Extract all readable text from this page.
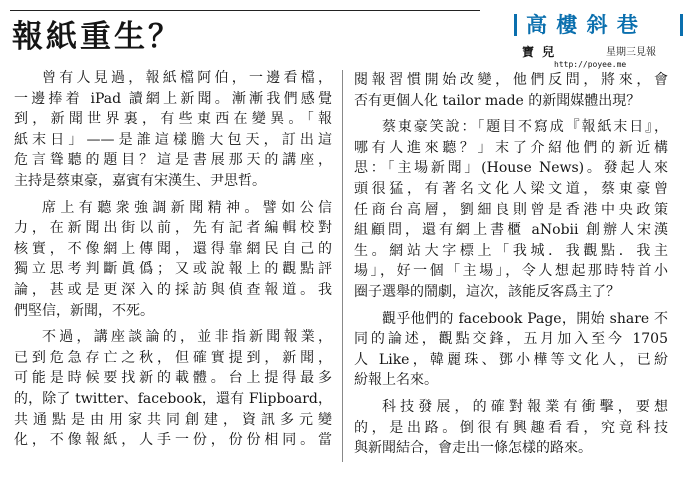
報紙重生？	高 樓 斜 巷
寶 兒	星期三見報
http://poyee.me
曾有人見過，報紙檔阿伯，一邊看檔，
一邊捧着 iPad 讀網上新聞。漸漸我們感覺
到，新聞世界裏，有些東西在變異。「報
紙末日」——是誰這樣膽大包天，訂出這
危言聳聽的題目？這是書展那天的講座，
主持是蔡東豪，嘉賓有宋漢生、尹思哲。
席上有聽衆強調新聞精神。譬如公信
力，在新聞出街以前，先有記者編輯校對
核實，不像網上傳聞，還得靠網民自己的
獨立思考判斷眞僞；又或說報上的觀點評
論，甚或是更深入的採訪與偵查報道。我
們堅信，新聞，不死。
不過，講座談論的，並非指新聞報業，
已到危急存亡之秋，但確實提到，新聞，
可能是時候要找新的載體。台上提得最多
的，除了 twitter、facebook，還有 Flipboard，
共通點是由用家共同創建，資訊多元變
化，不像報紙，人手一份，份份相同。當
閱報習慣開始改變，他們反問，將來，會
否有更個人化 tailor made 的新聞媒體出現？
蔡東豪笑說：「題目不寫成『報紙末日』，
哪有人進來聽？」末了介紹他們的新近構
思：「主場新聞」(House News)。發起人來
頭很猛，有著名文化人梁文道，蔡東豪曾
任商台高層，劉細良則曾是香港中央政策
組顧問，還有網上書櫃 aNobii 創辦人宋漢
生。網站大字標上「我城．我觀點．我主
場」，好一個「主場」，令人想起那時特首小
圈子選舉的鬧劇，這次，該能反客爲主了？
觀乎他們的 facebook Page，開始 share 不
同的論述，觀點交鋒，五月加入至今 1705
人 Like，韓麗珠、鄧小樺等文化人，已紛
紛報上名來。
科技發展，的確對報業有衝擊，要想
的，是出路。倒很有興趣看看，究竟科技
與新聞結合，會走出一條怎樣的路來。
